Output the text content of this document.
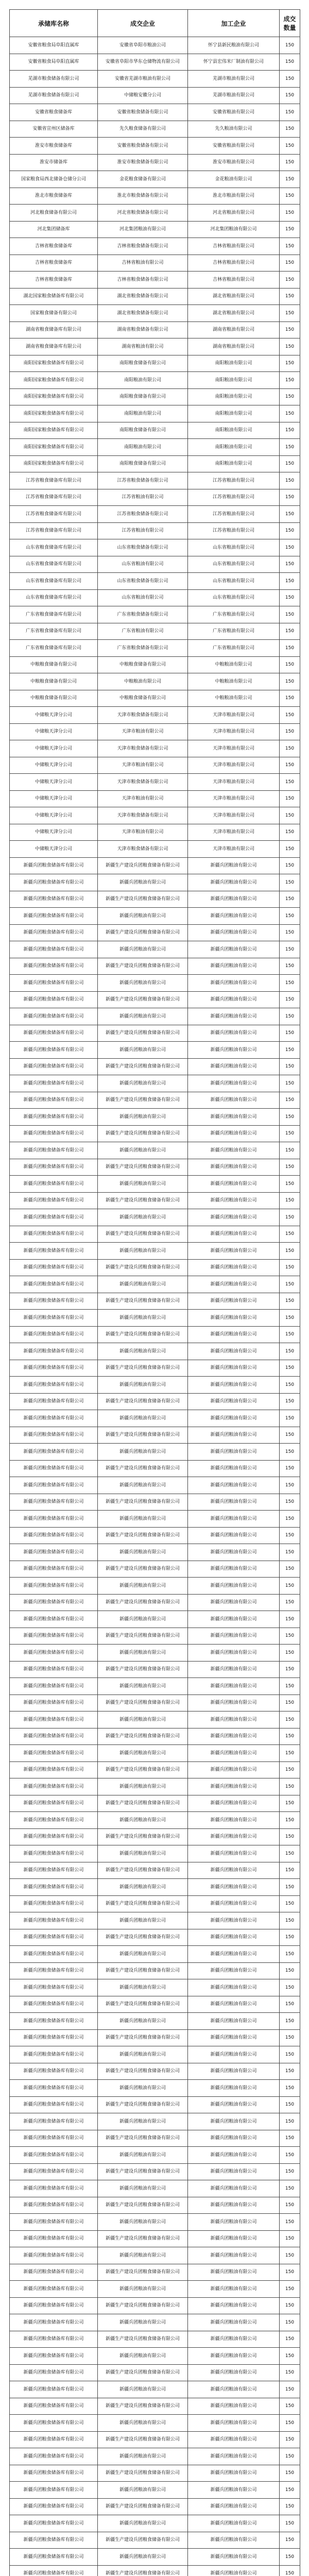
承储库名称	成交企业	加工企业	成交数量
安徽省粮食局阜阳直属库	安徽省阜阳市粮油公司	怀宁县新民粮油有限公司	150
安徽省粮食局阜阳直属库	安徽省阜阳市华东仓储物流有限公司	怀宁县宏伟米厂制油有限公司	150
芜湖市粮食储备有限公司	安徽省芜湖市粮油有限公司	芜湖市粮油有限公司	150
芜湖市粮食储备有限公司	中储粮安徽分公司	芜湖市粮油有限公司	150
安徽省粮食储备库	安徽省粮食储备有限公司	安徽省粮油有限公司	150
安徽省宣州区储备库	先久粮食储备有限公司	先久粮油有限公司	150
淮安市粮食储备库	安徽省粮食储备有限公司	安徽省粮油有限公司	150
淮安市储备库	淮安市粮食储备有限公司	淮安市粮油有限公司	150
国家粮食局西北储备仓储分公司	金花粮食储备有限公司	金花粮油有限公司	150
淮北市粮食储备库	淮北市粮食储备有限公司	淮北市粮油有限公司	150
河北粮食储备有限公司	河北省粮食储备有限公司	河北省粮油有限公司	150
河北集团储备库	河北集团粮油有限公司	河北集团粮油有限公司	150
吉林省粮食储备库	吉林省粮食储备有限公司	吉林省粮油有限公司	150
吉林省粮食储备库	吉林省粮油有限公司	吉林省粮油有限公司	150
吉林省粮食储备库	吉林省粮食储备有限公司	吉林省粮油有限公司	150
湖北国家粮食储备库有限公司	湖北省粮食储备有限公司	湖北省粮油有限公司	150
国家粮食储备有限公司	湖北省粮食储备有限公司	湖北省粮油有限公司	150
湖南省粮食储备库有限公司	湖南省粮食储备有限公司	湖南省粮油有限公司	150
湖南省粮食储备库有限公司	湖南省粮油有限公司	湖南省粮油有限公司	150
南阳国家粮食储备库有限公司	南阳粮食储备有限公司	南阳粮油有限公司	150
南阳国家粮食储备库有限公司	南阳粮油有限公司	南阳粮油有限公司	150
南阳国家粮食储备库有限公司	南阳粮食储备有限公司	南阳粮油有限公司	150
南阳国家粮食储备库有限公司	南阳粮油有限公司	南阳粮油有限公司	150
南阳国家粮食储备库有限公司	南阳粮食储备有限公司	南阳粮油有限公司	150
南阳国家粮食储备库有限公司	南阳粮油有限公司	南阳粮油有限公司	150
南阳国家粮食储备库有限公司	南阳粮食储备有限公司	南阳粮油有限公司	150
江苏省粮食储备库有限公司	江苏省粮食储备有限公司	江苏省粮油有限公司	150
江苏省粮食储备库有限公司	江苏省粮油有限公司	江苏省粮油有限公司	150
江苏省粮食储备库有限公司	江苏省粮食储备有限公司	江苏省粮油有限公司	150
江苏省粮食储备库有限公司	江苏省粮油有限公司	江苏省粮油有限公司	150
山东省粮食储备库有限公司	山东省粮食储备有限公司	山东省粮油有限公司	150
山东省粮食储备库有限公司	山东省粮油有限公司	山东省粮油有限公司	150
山东省粮食储备库有限公司	山东省粮食储备有限公司	山东省粮油有限公司	150
山东省粮食储备库有限公司	山东省粮油有限公司	山东省粮油有限公司	150
广东省粮食储备库有限公司	广东省粮食储备有限公司	广东省粮油有限公司	150
广东省粮食储备库有限公司	广东省粮油有限公司	广东省粮油有限公司	150
广东省粮食储备库有限公司	广东省粮食储备有限公司	广东省粮油有限公司	150
中粮粮食储备有限公司	中粮粮食储备有限公司	中粮粮油有限公司	150
中粮粮食储备有限公司	中粮粮油有限公司	中粮粮油有限公司	150
中粮粮食储备有限公司	中粮粮食储备有限公司	中粮粮油有限公司	150
中储粮天津分公司	天津市粮食储备有限公司	天津市粮油有限公司	150
中储粮天津分公司	天津市粮油有限公司	天津市粮油有限公司	150
中储粮天津分公司	天津市粮食储备有限公司	天津市粮油有限公司	150
中储粮天津分公司	天津市粮油有限公司	天津市粮油有限公司	150
中储粮天津分公司	天津市粮食储备有限公司	天津市粮油有限公司	150
中储粮天津分公司	天津市粮油有限公司	天津市粮油有限公司	150
中储粮天津分公司	天津市粮食储备有限公司	天津市粮油有限公司	150
中储粮天津分公司	天津市粮油有限公司	天津市粮油有限公司	150
中储粮天津分公司	天津市粮食储备有限公司	天津市粮油有限公司	150
新疆兵团粮食储备库有限公司	新疆生产建设兵团粮食储备有限公司	新疆兵团粮油有限公司	150
新疆兵团粮食储备库有限公司	新疆兵团粮油有限公司	新疆兵团粮油有限公司	150
新疆兵团粮食储备库有限公司	新疆生产建设兵团粮食储备有限公司	新疆兵团粮油有限公司	150
新疆兵团粮食储备库有限公司	新疆兵团粮油有限公司	新疆兵团粮油有限公司	150
新疆兵团粮食储备库有限公司	新疆生产建设兵团粮食储备有限公司	新疆兵团粮油有限公司	150
新疆兵团粮食储备库有限公司	新疆兵团粮油有限公司	新疆兵团粮油有限公司	150
新疆兵团粮食储备库有限公司	新疆生产建设兵团粮食储备有限公司	新疆兵团粮油有限公司	150
新疆兵团粮食储备库有限公司	新疆兵团粮油有限公司	新疆兵团粮油有限公司	150
新疆兵团粮食储备库有限公司	新疆生产建设兵团粮食储备有限公司	新疆兵团粮油有限公司	150
新疆兵团粮食储备库有限公司	新疆兵团粮油有限公司	新疆兵团粮油有限公司	150
新疆兵团粮食储备库有限公司	新疆生产建设兵团粮食储备有限公司	新疆兵团粮油有限公司	150
新疆兵团粮食储备库有限公司	新疆兵团粮油有限公司	新疆兵团粮油有限公司	150
新疆兵团粮食储备库有限公司	新疆生产建设兵团粮食储备有限公司	新疆兵团粮油有限公司	150
新疆兵团粮食储备库有限公司	新疆兵团粮油有限公司	新疆兵团粮油有限公司	150
新疆兵团粮食储备库有限公司	新疆生产建设兵团粮食储备有限公司	新疆兵团粮油有限公司	150
新疆兵团粮食储备库有限公司	新疆兵团粮油有限公司	新疆兵团粮油有限公司	150
新疆兵团粮食储备库有限公司	新疆生产建设兵团粮食储备有限公司	新疆兵团粮油有限公司	150
新疆兵团粮食储备库有限公司	新疆兵团粮油有限公司	新疆兵团粮油有限公司	150
新疆兵团粮食储备库有限公司	新疆生产建设兵团粮食储备有限公司	新疆兵团粮油有限公司	150
新疆兵团粮食储备库有限公司	新疆兵团粮油有限公司	新疆兵团粮油有限公司	150
新疆兵团粮食储备库有限公司	新疆生产建设兵团粮食储备有限公司	新疆兵团粮油有限公司	150
新疆兵团粮食储备库有限公司	新疆兵团粮油有限公司	新疆兵团粮油有限公司	150
新疆兵团粮食储备库有限公司	新疆生产建设兵团粮食储备有限公司	新疆兵团粮油有限公司	150
新疆兵团粮食储备库有限公司	新疆兵团粮油有限公司	新疆兵团粮油有限公司	150
新疆兵团粮食储备库有限公司	新疆生产建设兵团粮食储备有限公司	新疆兵团粮油有限公司	150
新疆兵团粮食储备库有限公司	新疆兵团粮油有限公司	新疆兵团粮油有限公司	150
新疆兵团粮食储备库有限公司	新疆生产建设兵团粮食储备有限公司	新疆兵团粮油有限公司	150
新疆兵团粮食储备库有限公司	新疆兵团粮油有限公司	新疆兵团粮油有限公司	150
新疆兵团粮食储备库有限公司	新疆生产建设兵团粮食储备有限公司	新疆兵团粮油有限公司	150
新疆兵团粮食储备库有限公司	新疆兵团粮油有限公司	新疆兵团粮油有限公司	150
新疆兵团粮食储备库有限公司	新疆生产建设兵团粮食储备有限公司	新疆兵团粮油有限公司	150
新疆兵团粮食储备库有限公司	新疆兵团粮油有限公司	新疆兵团粮油有限公司	150
新疆兵团粮食储备库有限公司	新疆生产建设兵团粮食储备有限公司	新疆兵团粮油有限公司	150
新疆兵团粮食储备库有限公司	新疆兵团粮油有限公司	新疆兵团粮油有限公司	150
新疆兵团粮食储备库有限公司	新疆生产建设兵团粮食储备有限公司	新疆兵团粮油有限公司	150
新疆兵团粮食储备库有限公司	新疆兵团粮油有限公司	新疆兵团粮油有限公司	150
新疆兵团粮食储备库有限公司	新疆生产建设兵团粮食储备有限公司	新疆兵团粮油有限公司	150
新疆兵团粮食储备库有限公司	新疆兵团粮油有限公司	新疆兵团粮油有限公司	150
新疆兵团粮食储备库有限公司	新疆生产建设兵团粮食储备有限公司	新疆兵团粮油有限公司	150
新疆兵团粮食储备库有限公司	新疆兵团粮油有限公司	新疆兵团粮油有限公司	150
新疆兵团粮食储备库有限公司	新疆生产建设兵团粮食储备有限公司	新疆兵团粮油有限公司	150
新疆兵团粮食储备库有限公司	新疆兵团粮油有限公司	新疆兵团粮油有限公司	150
新疆兵团粮食储备库有限公司	新疆生产建设兵团粮食储备有限公司	新疆兵团粮油有限公司	150
新疆兵团粮食储备库有限公司	新疆兵团粮油有限公司	新疆兵团粮油有限公司	150
新疆兵团粮食储备库有限公司	新疆生产建设兵团粮食储备有限公司	新疆兵团粮油有限公司	150
新疆兵团粮食储备库有限公司	新疆兵团粮油有限公司	新疆兵团粮油有限公司	150
新疆兵团粮食储备库有限公司	新疆生产建设兵团粮食储备有限公司	新疆兵团粮油有限公司	150
新疆兵团粮食储备库有限公司	新疆兵团粮油有限公司	新疆兵团粮油有限公司	150
新疆兵团粮食储备库有限公司	新疆生产建设兵团粮食储备有限公司	新疆兵团粮油有限公司	150
新疆兵团粮食储备库有限公司	新疆兵团粮油有限公司	新疆兵团粮油有限公司	150
新疆兵团粮食储备库有限公司	新疆生产建设兵团粮食储备有限公司	新疆兵团粮油有限公司	150
新疆兵团粮食储备库有限公司	新疆兵团粮油有限公司	新疆兵团粮油有限公司	150
新疆兵团粮食储备库有限公司	新疆生产建设兵团粮食储备有限公司	新疆兵团粮油有限公司	150
新疆兵团粮食储备库有限公司	新疆兵团粮油有限公司	新疆兵团粮油有限公司	150
新疆兵团粮食储备库有限公司	新疆生产建设兵团粮食储备有限公司	新疆兵团粮油有限公司	150
新疆兵团粮食储备库有限公司	新疆兵团粮油有限公司	新疆兵团粮油有限公司	150
新疆兵团粮食储备库有限公司	新疆生产建设兵团粮食储备有限公司	新疆兵团粮油有限公司	150
新疆兵团粮食储备库有限公司	新疆兵团粮油有限公司	新疆兵团粮油有限公司	150
新疆兵团粮食储备库有限公司	新疆生产建设兵团粮食储备有限公司	新疆兵团粮油有限公司	150
新疆兵团粮食储备库有限公司	新疆兵团粮油有限公司	新疆兵团粮油有限公司	150
新疆兵团粮食储备库有限公司	新疆生产建设兵团粮食储备有限公司	新疆兵团粮油有限公司	150
新疆兵团粮食储备库有限公司	新疆兵团粮油有限公司	新疆兵团粮油有限公司	150
新疆兵团粮食储备库有限公司	新疆生产建设兵团粮食储备有限公司	新疆兵团粮油有限公司	150
新疆兵团粮食储备库有限公司	新疆兵团粮油有限公司	新疆兵团粮油有限公司	150
新疆兵团粮食储备库有限公司	新疆生产建设兵团粮食储备有限公司	新疆兵团粮油有限公司	150
新疆兵团粮食储备库有限公司	新疆兵团粮油有限公司	新疆兵团粮油有限公司	150
新疆兵团粮食储备库有限公司	新疆生产建设兵团粮食储备有限公司	新疆兵团粮油有限公司	150
新疆兵团粮食储备库有限公司	新疆兵团粮油有限公司	新疆兵团粮油有限公司	150
新疆兵团粮食储备库有限公司	新疆生产建设兵团粮食储备有限公司	新疆兵团粮油有限公司	150
新疆兵团粮食储备库有限公司	新疆兵团粮油有限公司	新疆兵团粮油有限公司	150
新疆兵团粮食储备库有限公司	新疆生产建设兵团粮食储备有限公司	新疆兵团粮油有限公司	150
新疆兵团粮食储备库有限公司	新疆兵团粮油有限公司	新疆兵团粮油有限公司	150
新疆兵团粮食储备库有限公司	新疆生产建设兵团粮食储备有限公司	新疆兵团粮油有限公司	150
新疆兵团粮食储备库有限公司	新疆兵团粮油有限公司	新疆兵团粮油有限公司	150
新疆兵团粮食储备库有限公司	新疆生产建设兵团粮食储备有限公司	新疆兵团粮油有限公司	150
新疆兵团粮食储备库有限公司	新疆兵团粮油有限公司	新疆兵团粮油有限公司	150
新疆兵团粮食储备库有限公司	新疆生产建设兵团粮食储备有限公司	新疆兵团粮油有限公司	150
新疆兵团粮食储备库有限公司	新疆兵团粮油有限公司	新疆兵团粮油有限公司	150
新疆兵团粮食储备库有限公司	新疆生产建设兵团粮食储备有限公司	新疆兵团粮油有限公司	150
新疆兵团粮食储备库有限公司	新疆兵团粮油有限公司	新疆兵团粮油有限公司	150
新疆兵团粮食储备库有限公司	新疆生产建设兵团粮食储备有限公司	新疆兵团粮油有限公司	150
新疆兵团粮食储备库有限公司	新疆兵团粮油有限公司	新疆兵团粮油有限公司	150
新疆兵团粮食储备库有限公司	新疆生产建设兵团粮食储备有限公司	新疆兵团粮油有限公司	150
新疆兵团粮食储备库有限公司	新疆兵团粮油有限公司	新疆兵团粮油有限公司	150
新疆兵团粮食储备库有限公司	新疆生产建设兵团粮食储备有限公司	新疆兵团粮油有限公司	150
新疆兵团粮食储备库有限公司	新疆兵团粮油有限公司	新疆兵团粮油有限公司	150
新疆兵团粮食储备库有限公司	新疆生产建设兵团粮食储备有限公司	新疆兵团粮油有限公司	150
新疆兵团粮食储备库有限公司	新疆兵团粮油有限公司	新疆兵团粮油有限公司	150
新疆兵团粮食储备库有限公司	新疆生产建设兵团粮食储备有限公司	新疆兵团粮油有限公司	150
新疆兵团粮食储备库有限公司	新疆兵团粮油有限公司	新疆兵团粮油有限公司	150
新疆兵团粮食储备库有限公司	新疆生产建设兵团粮食储备有限公司	新疆兵团粮油有限公司	150
新疆兵团粮食储备库有限公司	新疆兵团粮油有限公司	新疆兵团粮油有限公司	150
新疆兵团粮食储备库有限公司	新疆生产建设兵团粮食储备有限公司	新疆兵团粮油有限公司	150
新疆兵团粮食储备库有限公司	新疆兵团粮油有限公司	新疆兵团粮油有限公司	150
新疆兵团粮食储备库有限公司	新疆生产建设兵团粮食储备有限公司	新疆兵团粮油有限公司	150
新疆兵团粮食储备库有限公司	新疆兵团粮油有限公司	新疆兵团粮油有限公司	150
新疆兵团粮食储备库有限公司	新疆生产建设兵团粮食储备有限公司	新疆兵团粮油有限公司	150
新疆兵团粮食储备库有限公司	新疆兵团粮油有限公司	新疆兵团粮油有限公司	150
新疆兵团粮食储备库有限公司	新疆生产建设兵团粮食储备有限公司	新疆兵团粮油有限公司	150
新疆兵团粮食储备库有限公司	新疆兵团粮油有限公司	新疆兵团粮油有限公司	150
新疆兵团粮食储备库有限公司	新疆生产建设兵团粮食储备有限公司	新疆兵团粮油有限公司	150
新疆兵团粮食储备库有限公司	新疆兵团粮油有限公司	新疆兵团粮油有限公司	150
新疆兵团粮食储备库有限公司	新疆生产建设兵团粮食储备有限公司	新疆兵团粮油有限公司	150
